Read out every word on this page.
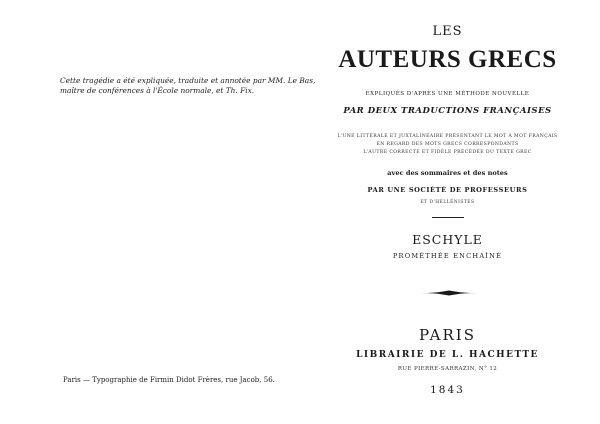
Cette tragédie a été expliquée, traduite et annotée par MM. Le Bas,
maître de conférences à l'École normale, et Th. Fix.
Paris — Typographie de Firmin Didot Frères, rue Jacob, 56.
LES
AUTEURS GRECS
EXPLIQUÉS D'APRÈS UNE MÉTHODE NOUVELLE
PAR DEUX TRADUCTIONS FRANÇAISES
L'UNE LITTÉRALE ET JUXTALINÉAIRE PRÉSENTANT LE MOT À MOT FRANÇAIS
EN REGARD DES MOTS GRECS CORRESPONDANTS
L'AUTRE CORRECTE ET FIDÈLE PRÉCÉDÉE DU TEXTE GREC
avec des sommaires et des notes
PAR UNE SOCIÉTÉ DE PROFESSEURS
ET D'HELLÉNISTES
ESCHYLE
PROMÉTHÉE ENCHAÎNÉ
PARIS
LIBRAIRIE DE L. HACHETTE
RUE PIERRE-SARRAZIN, N° 12
1843
